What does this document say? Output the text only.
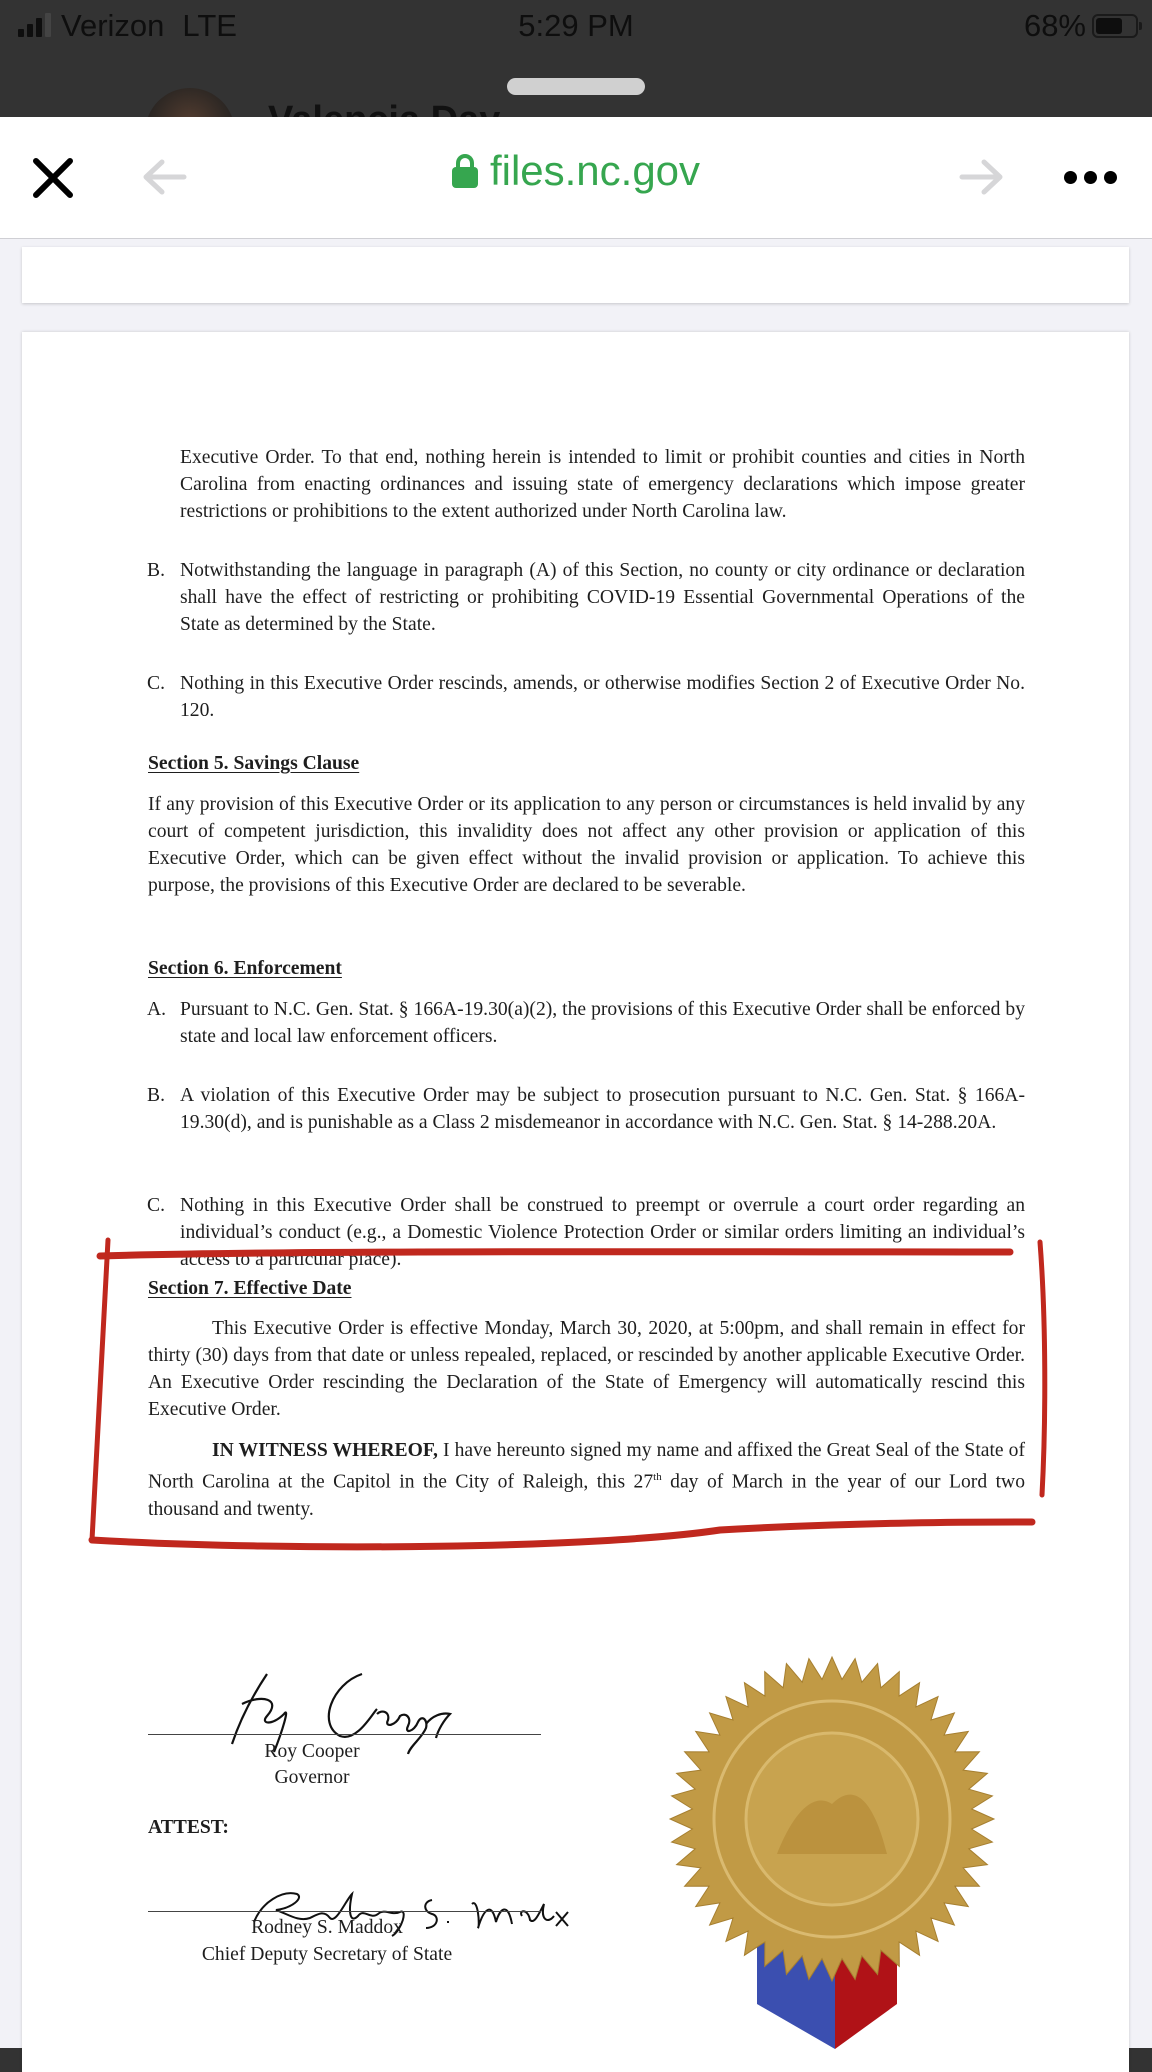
Verizon LTE	5:29 PM	68%
files.nc.gov

Executive Order. To that end, nothing herein is intended to limit or prohibit counties and cities in North Carolina from enacting ordinances and issuing state of emergency declarations which impose greater restrictions or prohibitions to the extent authorized under North Carolina law.

B. Notwithstanding the language in paragraph (A) of this Section, no county or city ordinance or declaration shall have the effect of restricting or prohibiting COVID-19 Essential Governmental Operations of the State as determined by the State.

C. Nothing in this Executive Order rescinds, amends, or otherwise modifies Section 2 of Executive Order No. 120.

Section 5. Savings Clause

If any provision of this Executive Order or its application to any person or circumstances is held invalid by any court of competent jurisdiction, this invalidity does not affect any other provision or application of this Executive Order, which can be given effect without the invalid provision or application. To achieve this purpose, the provisions of this Executive Order are declared to be severable.

Section 6. Enforcement
A. Pursuant to N.C. Gen. Stat. § 166A-19.30(a)(2), the provisions of this Executive Order shall be enforced by state and local law enforcement officers.

B. A violation of this Executive Order may be subject to prosecution pursuant to N.C. Gen. Stat. § 166A-19.30(d), and is punishable as a Class 2 misdemeanor in accordance with N.C. Gen. Stat. § 14-288.20A.

C. Nothing in this Executive Order shall be construed to preempt or overrule a court order regarding an individual’s conduct (e.g., a Domestic Violence Protection Order or similar orders limiting an individual’s access to a particular place).

Section 7. Effective Date

This Executive Order is effective Monday, March 30, 2020, at 5:00pm, and shall remain in effect for thirty (30) days from that date or unless repealed, replaced, or rescinded by another applicable Executive Order. An Executive Order rescinding the Declaration of the State of Emergency will automatically rescind this Executive Order.

IN WITNESS WHEREOF, I have hereunto signed my name and affixed the Great Seal of the State of North Carolina at the Capitol in the City of Raleigh, this 27th day of March in the year of our Lord two thousand and twenty.

Roy Cooper
Governor
ATTEST:
Rodney S. Maddox
Chief Deputy Secretary of State
